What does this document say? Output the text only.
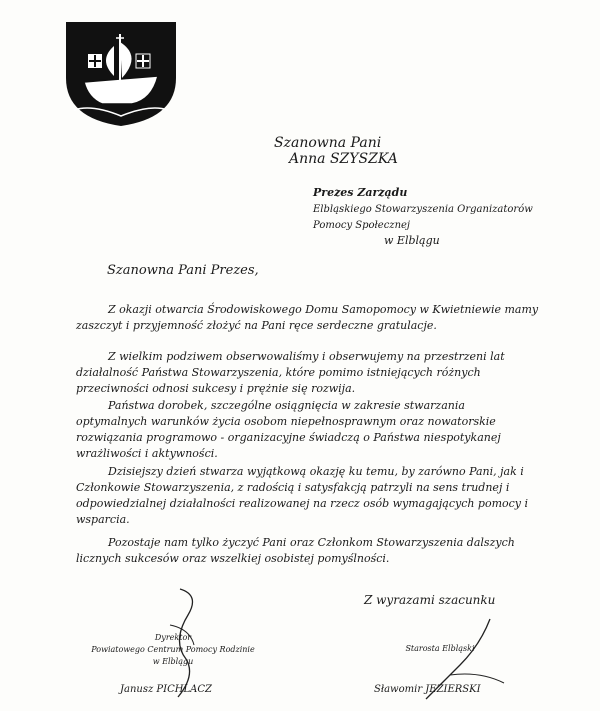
Szanowna Pani
Anna SZYSZKA
Prezes Zarządu
Elbląskiego Stowarzyszenia Organizatorów
Pomocy Społecznej
w Elblągu
Szanowna Pani Prezes,
Z okazji otwarcia Środowiskowego Domu Samopomocy w Kwietniewie mamy zaszczyt i przyjemność złożyć na Pani ręce serdeczne gratulacje.
Z wielkim podziwem obserwowaliśmy i obserwujemy na przestrzeni lat działalność Państwa Stowarzyszenia, które pomimo istniejących różnych przeciwności odnosi sukcesy i prężnie się rozwija.
Państwa dorobek, szczególne osiągnięcia w zakresie stwarzania optymalnych warunków życia osobom niepełnosprawnym oraz nowatorskie rozwiązania programowo - organizacyjne świadczą o Państwa niespotykanej wrażliwości i aktywności.
Dzisiejszy dzień stwarza wyjątkową okazję ku temu, by zarówno Pani, jak i Członkowie Stowarzyszenia, z radością i satysfakcją patrzyli na sens trudnej i odpowiedzialnej działalności realizowanej na rzecz osób wymagających pomocy i wsparcia.
Pozostaje nam tylko życzyć Pani oraz Członkom Stowarzyszenia dalszych licznych sukcesów oraz wszelkiej osobistej pomyślności.
Z wyrazami szacunku
Dyrektor
Powiatowego Centrum Pomocy Rodzinie
w Elblągu
Starosta Elbląski
Janusz PICHLACZ	Sławomir JEZIERSKI
